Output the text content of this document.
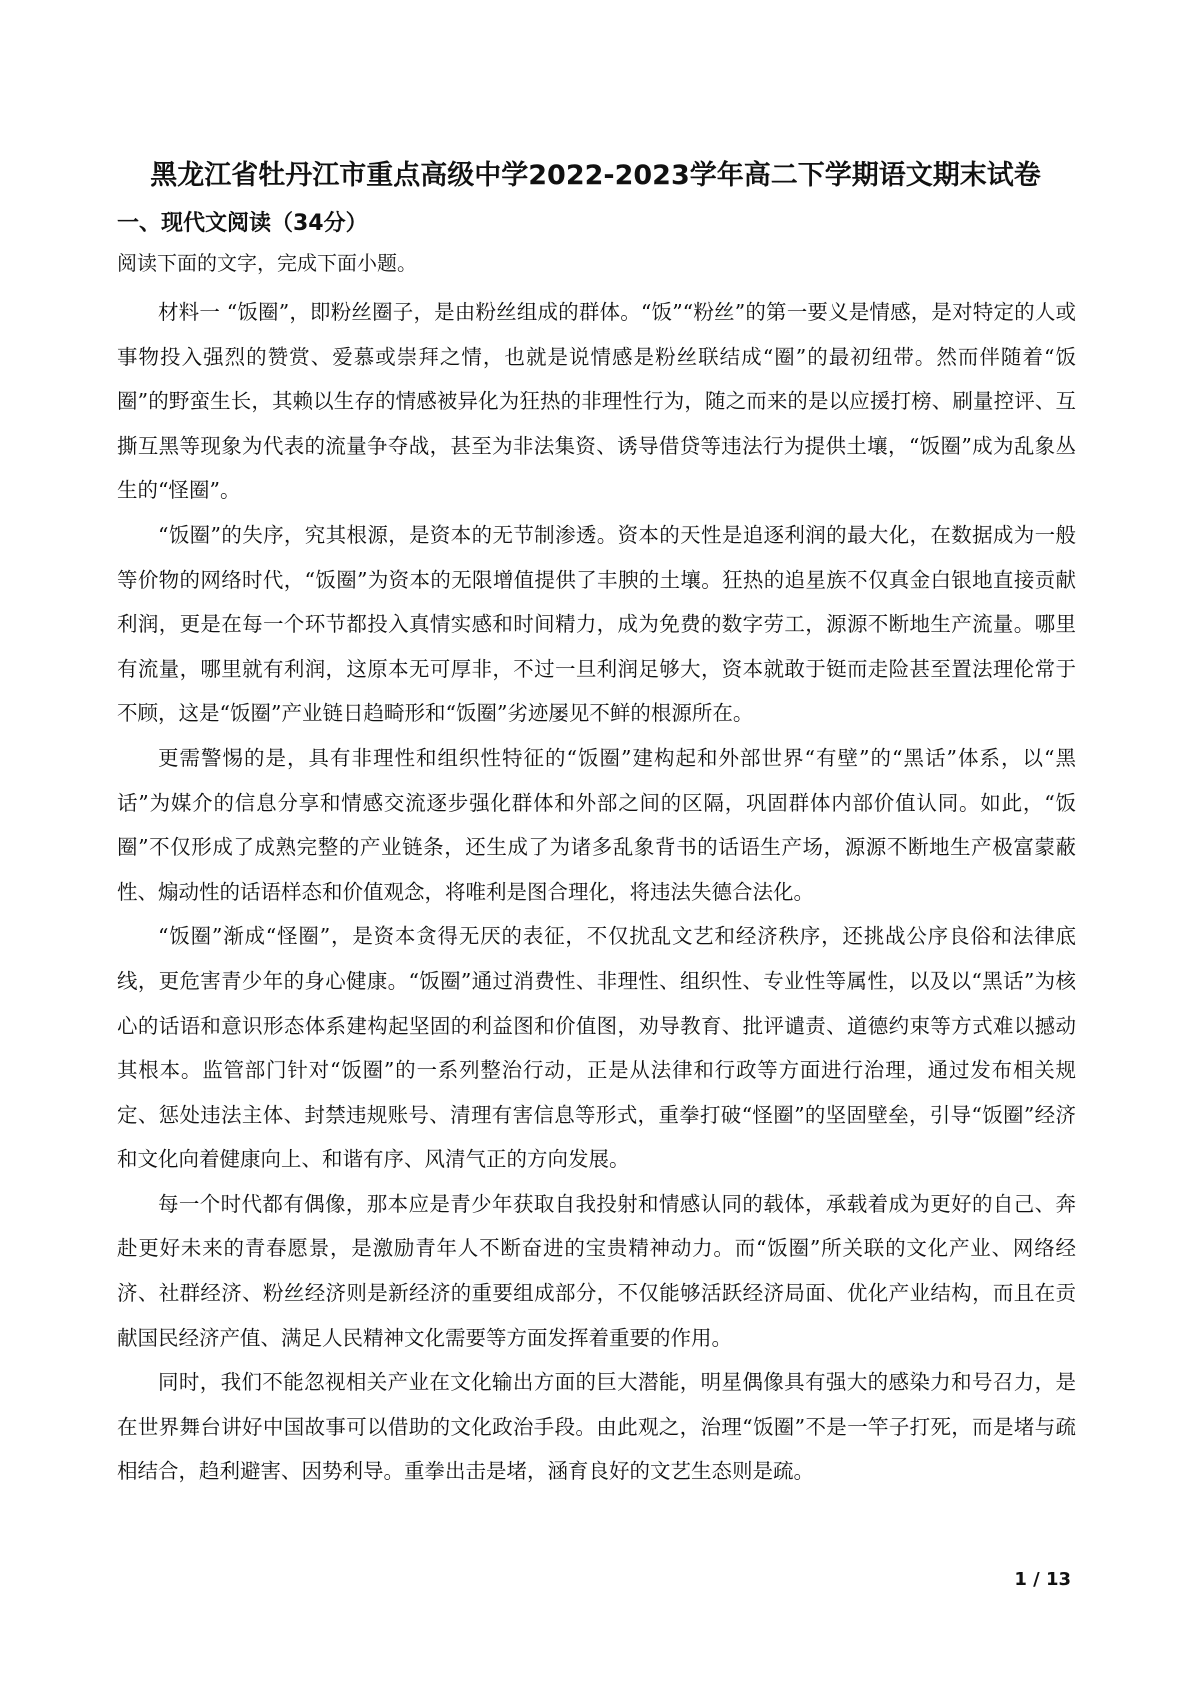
黑龙江省牡丹江市重点高级中学2022-2023学年高二下学期语文期末试卷
一、现代文阅读（34分）
阅读下面的文字，完成下面小题。

材料一 “饭圈”，即粉丝圈子，是由粉丝组成的群体。“饭”“粉丝”的第一要义是情感，是对特定的人或事物投入强烈的赞赏、爱慕或崇拜之情，也就是说情感是粉丝联结成“圈”的最初纽带。然而伴随着“饭圈”的野蛮生长，其赖以生存的情感被异化为狂热的非理性行为，随之而来的是以应援打榜、刷量控评、互撕互黑等现象为代表的流量争夺战，甚至为非法集资、诱导借贷等违法行为提供土壤，“饭圈”成为乱象丛生的“怪圈”。

“饭圈”的失序，究其根源，是资本的无节制渗透。资本的天性是追逐利润的最大化，在数据成为一般等价物的网络时代，“饭圈”为资本的无限增值提供了丰腴的土壤。狂热的追星族不仅真金白银地直接贡献利润，更是在每一个环节都投入真情实感和时间精力，成为免费的数字劳工，源源不断地生产流量。哪里有流量，哪里就有利润，这原本无可厚非，不过一旦利润足够大，资本就敢于铤而走险甚至置法理伦常于不顾，这是“饭圈”产业链日趋畸形和“饭圈”劣迹屡见不鲜的根源所在。

更需警惕的是，具有非理性和组织性特征的“饭圈”建构起和外部世界“有壁”的“黑话”体系，以“黑话”为媒介的信息分享和情感交流逐步强化群体和外部之间的区隔，巩固群体内部价值认同。如此，“饭圈”不仅形成了成熟完整的产业链条，还生成了为诸多乱象背书的话语生产场，源源不断地生产极富蒙蔽性、煽动性的话语样态和价值观念，将唯利是图合理化，将违法失德合法化。

“饭圈”渐成“怪圈”，是资本贪得无厌的表征，不仅扰乱文艺和经济秩序，还挑战公序良俗和法律底线，更危害青少年的身心健康。“饭圈”通过消费性、非理性、组织性、专业性等属性，以及以“黑话”为核心的话语和意识形态体系建构起坚固的利益图和价值图，劝导教育、批评谴责、道德约束等方式难以撼动其根本。监管部门针对“饭圈”的一系列整治行动，正是从法律和行政等方面进行治理，通过发布相关规定、惩处违法主体、封禁违规账号、清理有害信息等形式，重拳打破“怪圈”的坚固壁垒，引导“饭圈”经济和文化向着健康向上、和谐有序、风清气正的方向发展。

每一个时代都有偶像，那本应是青少年获取自我投射和情感认同的载体，承载着成为更好的自己、奔赴更好未来的青春愿景，是激励青年人不断奋进的宝贵精神动力。而“饭圈”所关联的文化产业、网络经济、社群经济、粉丝经济则是新经济的重要组成部分，不仅能够活跃经济局面、优化产业结构，而且在贡献国民经济产值、满足人民精神文化需要等方面发挥着重要的作用。

同时，我们不能忽视相关产业在文化输出方面的巨大潜能，明星偶像具有强大的感染力和号召力，是在世界舞台讲好中国故事可以借助的文化政治手段。由此观之，治理“饭圈”不是一竿子打死，而是堵与疏相结合，趋利避害、因势利导。重拳出击是堵，涵育良好的文艺生态则是疏。

1 / 13
